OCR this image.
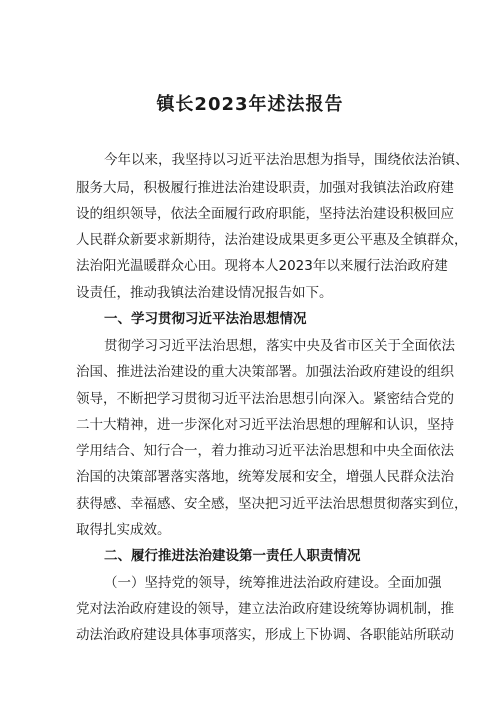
镇长2023年述法报告
今年以来，我坚持以习近平法治思想为指导，围绕依法治镇、
服务大局，积极履行推进法治建设职责，加强对我镇法治政府建
设的组织领导，依法全面履行政府职能，坚持法治建设积极回应
人民群众新要求新期待，法治建设成果更多更公平惠及全镇群众，
法治阳光温暖群众心田。现将本人2023年以来履行法治政府建
设责任，推动我镇法治建设情况报告如下。
一、学习贯彻习近平法治思想情况
贯彻学习习近平法治思想，落实中央及省市区关于全面依法
治国、推进法治建设的重大决策部署。加强法治政府建设的组织
领导，不断把学习贯彻习近平法治思想引向深入。紧密结合党的
二十大精神，进一步深化对习近平法治思想的理解和认识，坚持
学用结合、知行合一，着力推动习近平法治思想和中央全面依法
治国的决策部署落实落地，统筹发展和安全，增强人民群众法治
获得感、幸福感、安全感，坚决把习近平法治思想贯彻落实到位，
取得扎实成效。
二、履行推进法治建设第一责任人职责情况
（一）坚持党的领导，统筹推进法治政府建设。全面加强
党对法治政府建设的领导，建立法治政府建设统筹协调机制，推
动法治政府建设具体事项落实，形成上下协调、各职能站所联动
